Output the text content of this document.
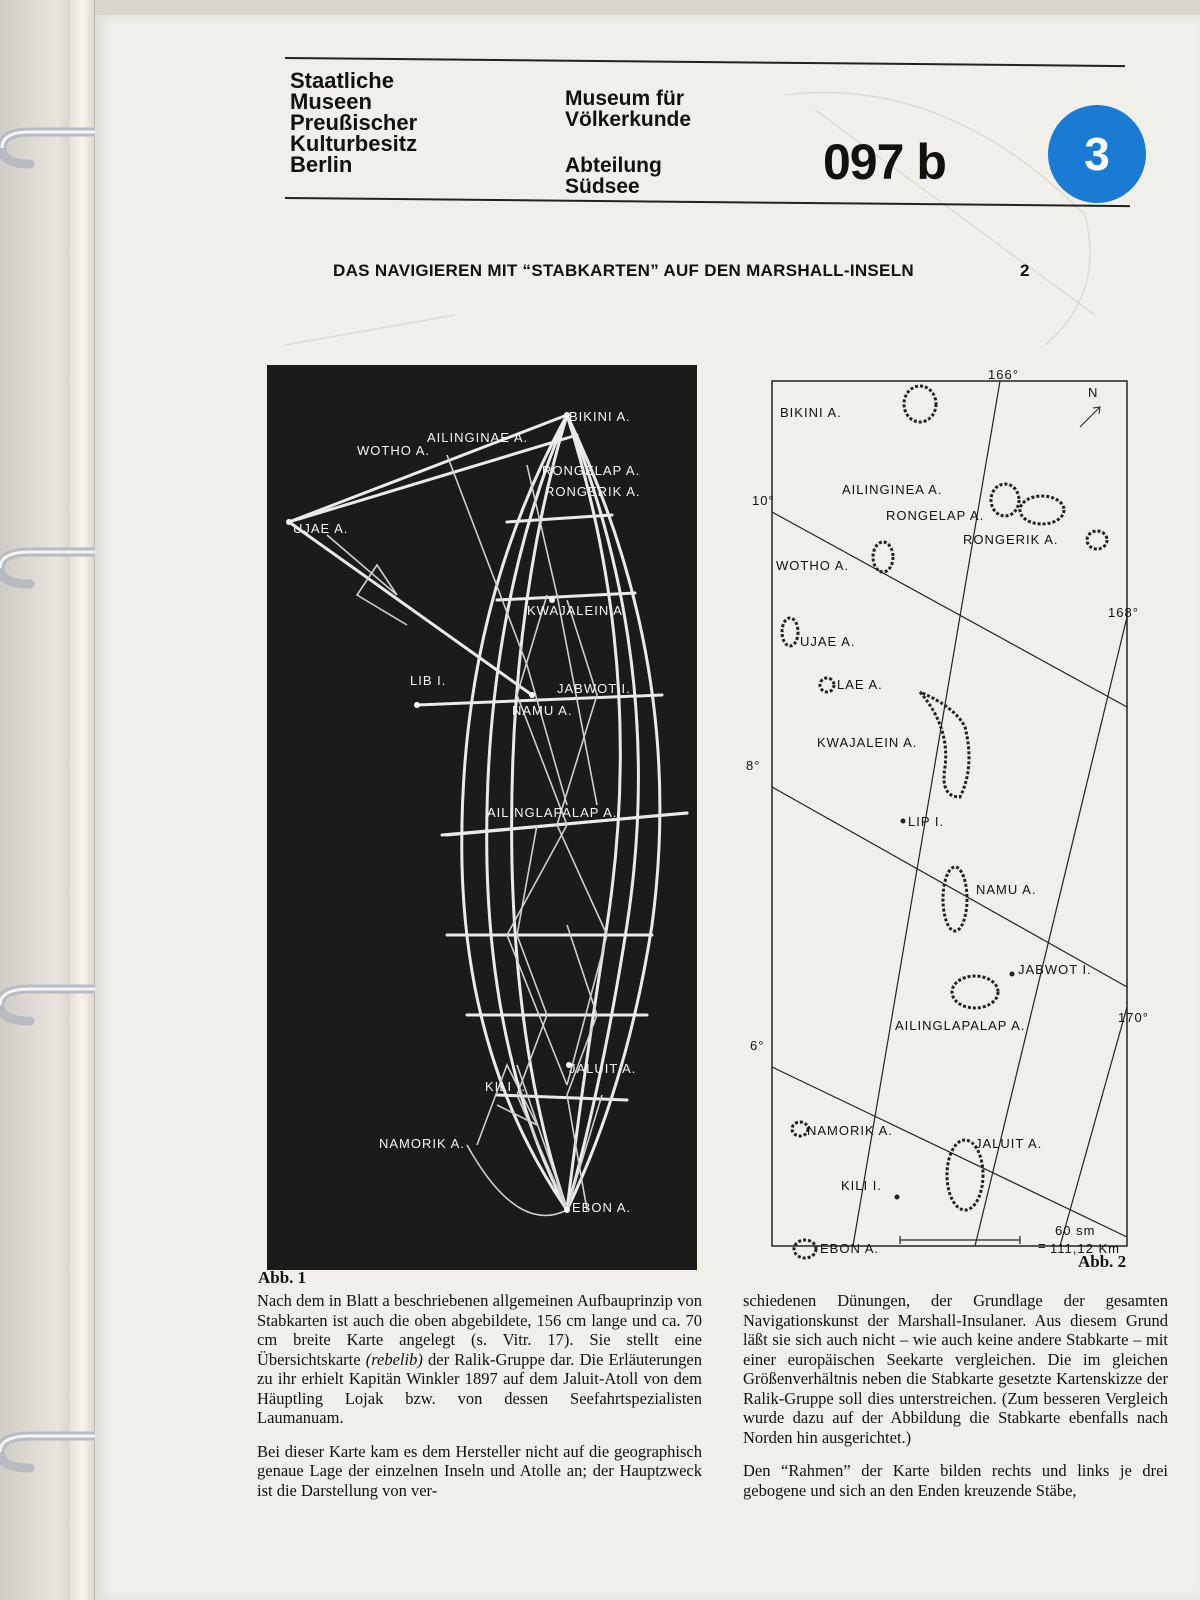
Staatliche
Museen
Preußischer
Kulturbesitz
Berlin
Museum für
Völkerkunde
Abteilung
Südsee	097 b	3
DAS NAVIGIEREN MIT “STABKARTEN” AUF DEN MARSHALL-INSELN	2
BIKINI A.
AILINGINAE A.
WOTHO A.
RONGELAP A.
RONGERIK A.
UJAE A.
KWAJALEIN A.
LIB I.
JABWOT I.
NAMU A.
AILINGLAPALAP A.
JALUIT A.
KILI I.
NAMORIK A.
EBON A.
N
166°
168°
170°
10°
8°
6°
BIKINI A.
AILINGINEA A.
RONGELAP A.
RONGERIK A.
WOTHO A.
UJAE A.
LAE A.
KWAJALEIN A.
LIP I.
NAMU A.
JABWOT I.
AILINGLAPALAP A.
NAMORIK A.
JALUIT A.
KILI I.
EBON A.
60 sm
= 111,12 Km
Abb. 1
Abb. 2

Nach dem in Blatt a beschriebenen allgemeinen Aufbauprinzip von Stabkarten ist auch die oben abgebildete, 156 cm lange und ca. 70 cm breite Karte angelegt (s. Vitr. 17). Sie stellt eine Übersichtskarte (rebelib) der Ralik-Gruppe dar. Die Erläuterungen zu ihr erhielt Kapitän Winkler 1897 auf dem Jaluit-Atoll von dem Häuptling Lojak bzw. von dessen Seefahrtspezialisten Laumanuam.

Bei dieser Karte kam es dem Hersteller nicht auf die geographisch genaue Lage der einzelnen Inseln und Atolle an; der Hauptzweck ist die Darstellung von ver-

schiedenen Dünungen, der Grundlage der gesamten Navigationskunst der Marshall-Insulaner. Aus diesem Grund läßt sie sich auch nicht – wie auch keine andere Stabkarte – mit einer europäischen Seekarte vergleichen. Die im gleichen Größenverhältnis neben die Stabkarte gesetzte Kartenskizze der Ralik-Gruppe soll dies unterstreichen. (Zum besseren Vergleich wurde dazu auf der Abbildung die Stabkarte ebenfalls nach Norden hin ausgerichtet.)

Den “Rahmen” der Karte bilden rechts und links je drei gebogene und sich an den Enden kreuzende Stäbe,
